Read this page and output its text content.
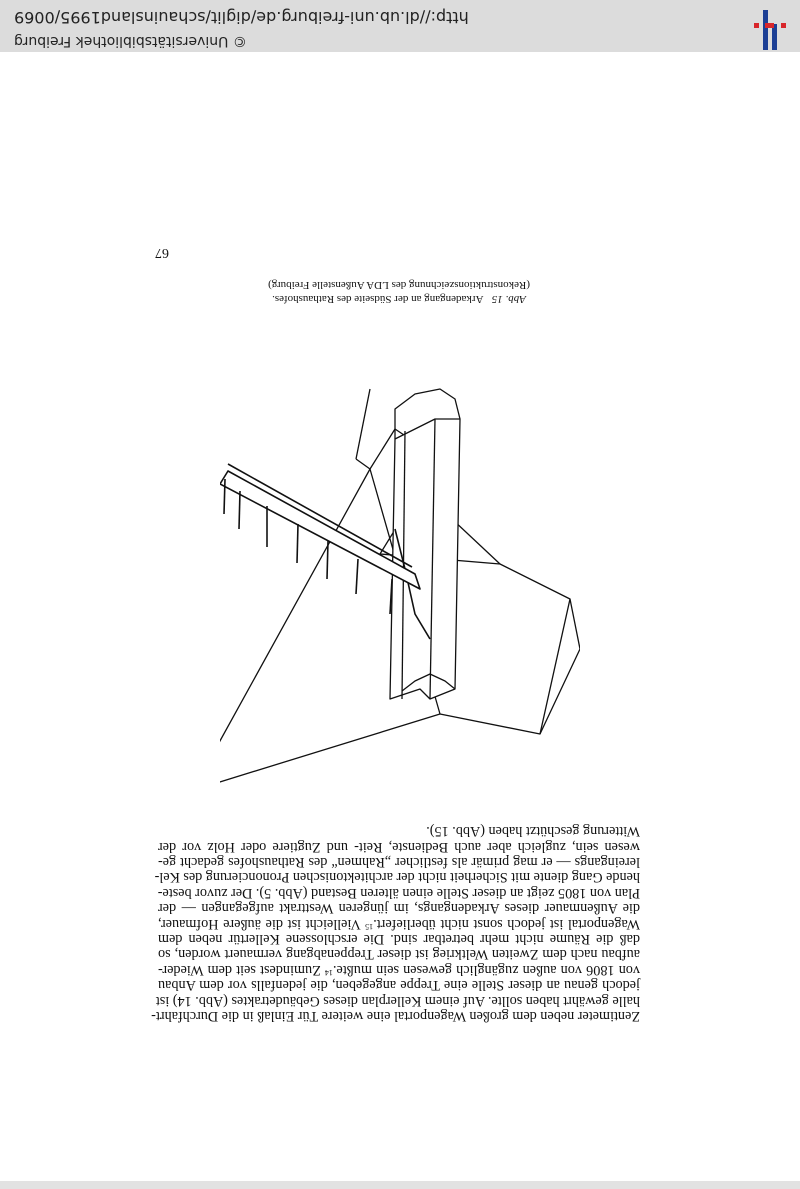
Zentimeter neben dem großen Wagenportal eine weitere Tür Einlaß in die Durchfahrt-
halle gewährt haben sollte. Auf einem Kellerplan dieses Gebäudetraktes (Abb. 14) ist
jedoch genau an dieser Stelle eine Treppe angegeben, die jedenfalls vor dem Anbau
von 1806 von außen zugänglich gewesen sein mußte.$^{14}$ Zumindest seit dem Wieder-
aufbau nach dem Zweiten Weltkrieg ist dieser Treppenabgang vermauert worden, so
daß die Räume nicht mehr betretbar sind. Die erschlossene Kellertür neben dem
Wagenportal ist jedoch sonst nicht überliefert.$^{15}$ Vielleicht ist die äußere Hofmauer,
die Außenmauer dieses Arkadengangs, im jüngeren Westtrakt aufgegangen — der
Plan von 1805 zeigt an dieser Stelle einen älteren Bestand (Abb. 5). Der zuvor beste-
hende Gang diente mit Sicherheit nicht der architektonischen Prononcierung des Kel-
lereingangs — er mag primär als festlicher „Rahmen“ des Rathaushofes gedacht ge-
wesen sein, zugleich aber auch Bedienste, Reit- und Zugtiere oder Holz vor der
Witterung geschützt haben (Abb. 15).

Abb. 15   Arkadengang an der Südseite des Rathaushofes.
(Rekonstruktionszeichnung des LDA Außenstelle Freiburg)
67
http://dl.ub.uni-freiburg.de/diglit/schauinsland1995/0069
© Universitätsbibliothek Freiburg
